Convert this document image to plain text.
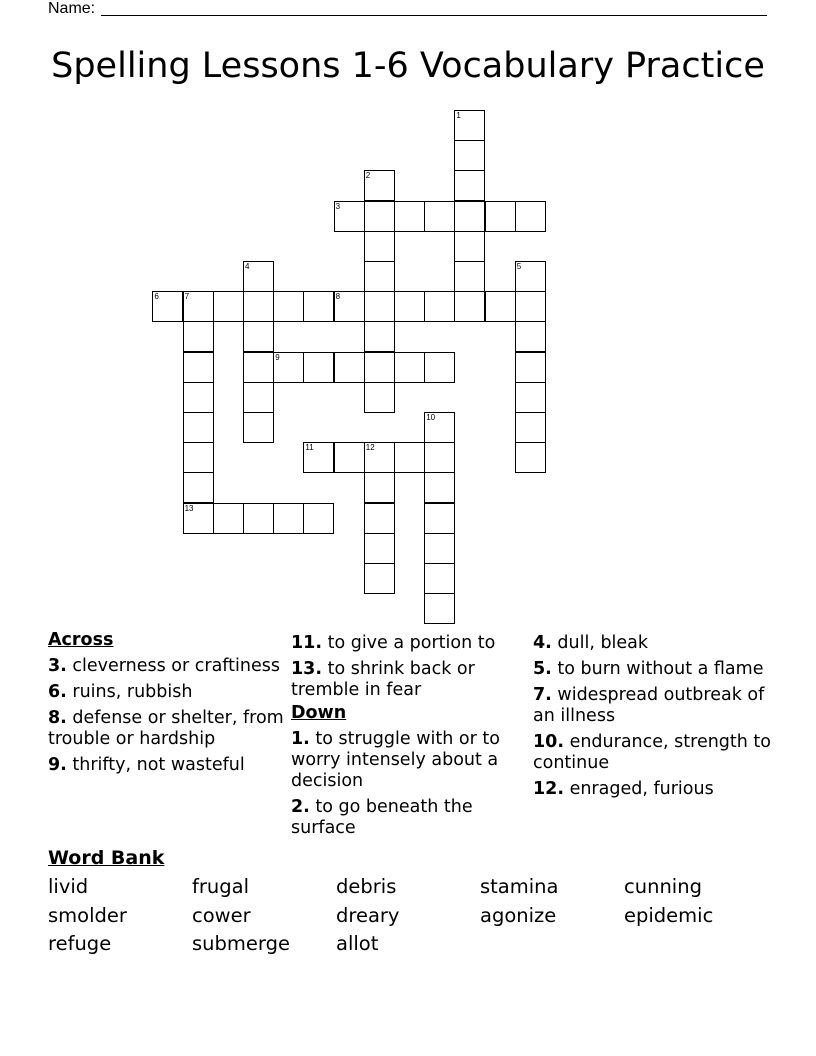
Name:
Spelling Lessons 1-6 Vocabulary Practice
1
2
3
4	5
6	7
13
8
9
10
11	12
Across
3. cleverness or craftiness
6. ruins, rubbish
8. defense or shelter, from trouble or hardship
9. thrifty, not wasteful
11. to give a portion to
13. to shrink back or tremble in fear
Down
1. to struggle with or to worry intensely about a decision
2. to go beneath the surface
4. dull, bleak
5. to burn without a flame
7. widespread outbreak of an illness
10. endurance, strength to continue
12. enraged, furious
Word Bank
livid	frugal	debris	stamina	cunning
smolder	cower	dreary	agonize	epidemic
refuge	submerge	allot
